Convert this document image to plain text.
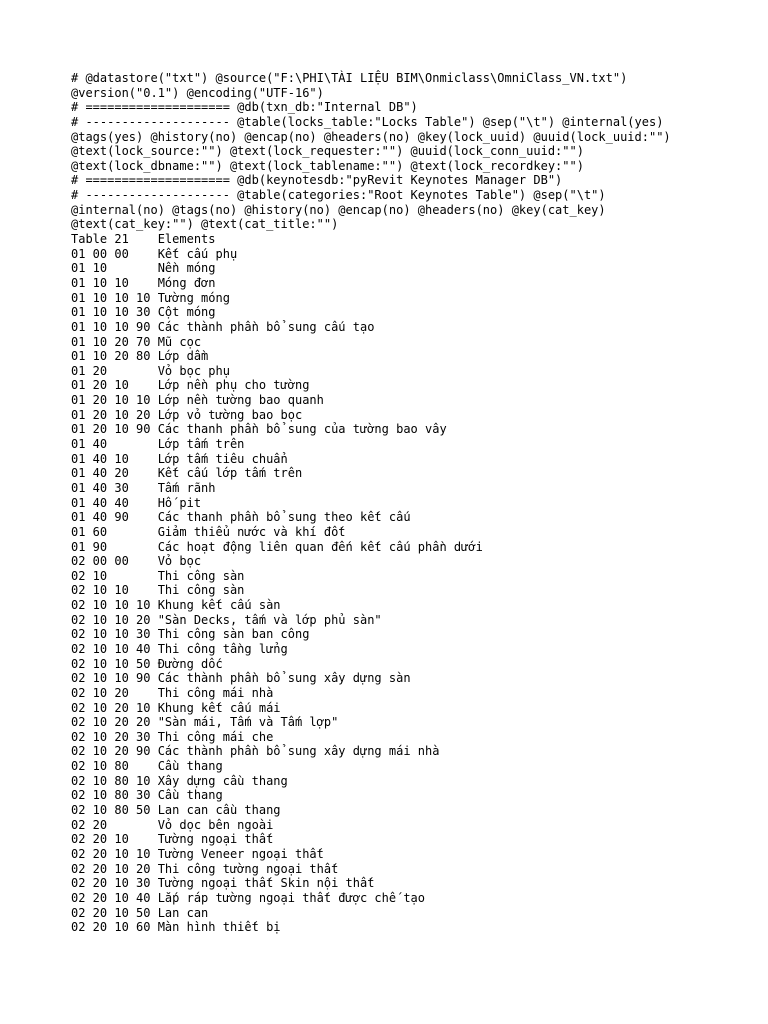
# @datastore("txt") @source("F:\PHI\TÀI LIỆU BIM\Onmiclass\OmniClass_VN.txt")
@version("0.1") @encoding("UTF-16")
# ==================== @db(txn_db:"Internal DB")
# -------------------- @table(locks_table:"Locks Table") @sep("\t") @internal(yes)
@tags(yes) @history(no) @encap(no) @headers(no) @key(lock_uuid) @uuid(lock_uuid:"")
@text(lock_source:"") @text(lock_requester:"") @uuid(lock_conn_uuid:"")
@text(lock_dbname:"") @text(lock_tablename:"") @text(lock_recordkey:"")
# ==================== @db(keynotesdb:"pyRevit Keynotes Manager DB")
# -------------------- @table(categories:"Root Keynotes Table") @sep("\t")
@internal(no) @tags(no) @history(no) @encap(no) @headers(no) @key(cat_key)
@text(cat_key:"") @text(cat_title:"")
Table 21    Elements
01 00 00    Kết cấu phụ
01 10       Nền móng
01 10 10    Móng đơn
01 10 10 10 Tường móng
01 10 10 30 Cột móng
01 10 10 90 Các thành phần bổ sung cấu tạo
01 10 20 70 Mũ cọc
01 10 20 80 Lớp dầm
01 20       Vỏ bọc phụ
01 20 10    Lớp nền phụ cho tường
01 20 10 10 Lớp nền tường bao quanh
01 20 10 20 Lớp vỏ tường bao bọc
01 20 10 90 Các thanh phần bổ sung của tường bao vây
01 40       Lớp tấm trên
01 40 10    Lớp tấm tiêu chuẩn
01 40 20    Kết cấu lớp tấm trên
01 40 30    Tấm rãnh
01 40 40    Hố pit
01 40 90    Các thanh phần bổ sung theo kết cấu
01 60       Giảm thiểu nước và khí đốt
01 90       Các hoạt động liên quan đến kết cấu phần dưới
02 00 00    Vỏ bọc
02 10       Thi công sàn
02 10 10    Thi công sàn
02 10 10 10 Khung kết cấu sàn
02 10 10 20 "Sàn Decks, tấm và lớp phủ sàn"
02 10 10 30 Thi công sàn ban công
02 10 10 40 Thi công tầng lửng
02 10 10 50 Đường dốc
02 10 10 90 Các thành phần bổ sung xây dựng sàn
02 10 20    Thi công mái nhà
02 10 20 10 Khung kết cấu mái
02 10 20 20 "Sàn mái, Tấm và Tấm lợp"
02 10 20 30 Thi công mái che
02 10 20 90 Các thành phần bổ sung xây dựng mái nhà
02 10 80    Cầu thang
02 10 80 10 Xây dựng cầu thang
02 10 80 30 Cầu thang
02 10 80 50 Lan can cầu thang
02 20       Vỏ dọc bên ngoài
02 20 10    Tường ngoại thất
02 20 10 10 Tường Veneer ngoại thất
02 20 10 20 Thi công tường ngoại thất
02 20 10 30 Tường ngoại thất Skin nội thất
02 20 10 40 Lắp ráp tường ngoại thất được chế tạo
02 20 10 50 Lan can
02 20 10 60 Màn hình thiết bị
